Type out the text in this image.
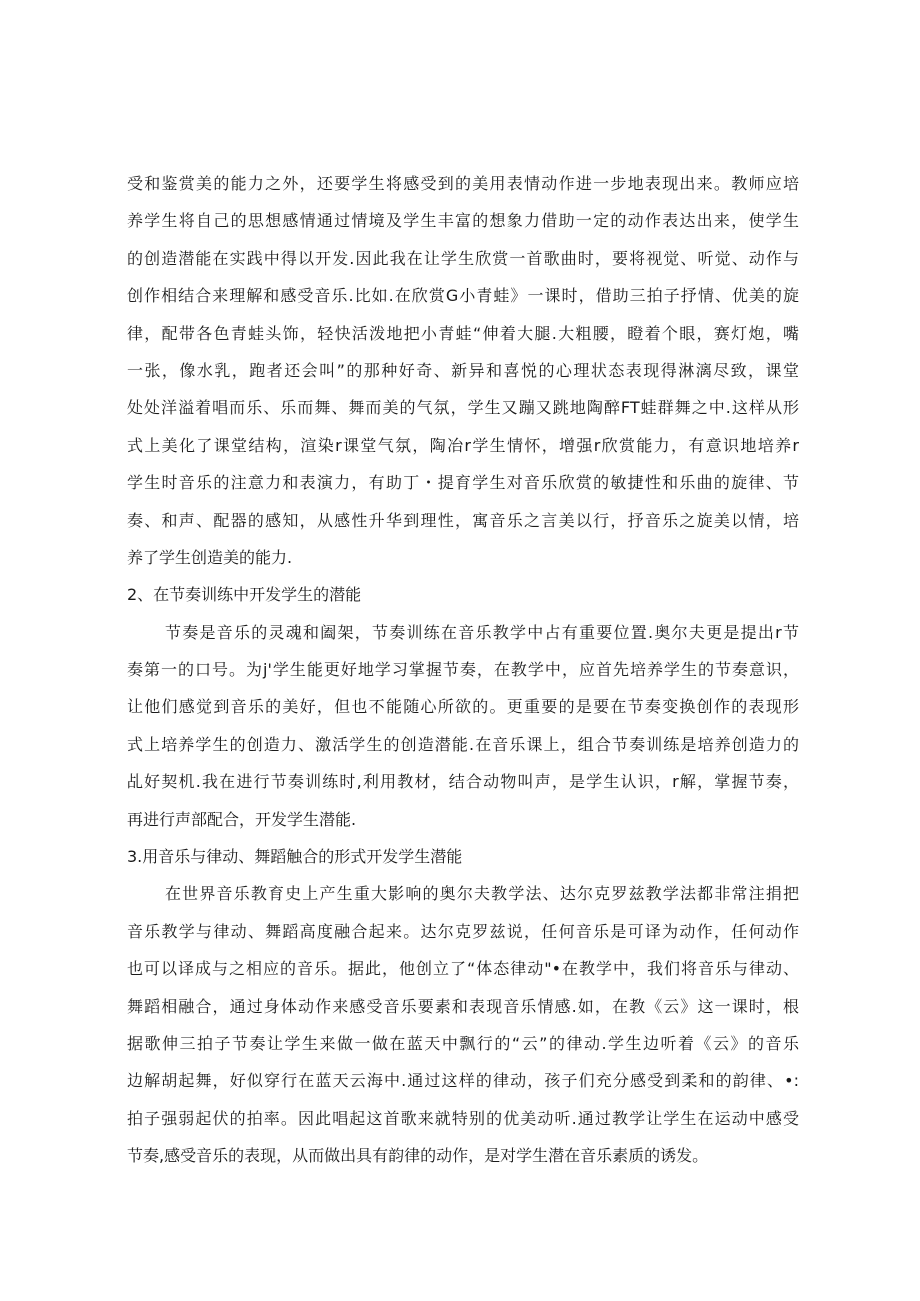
受和鉴赏美的能力之外，还要学生将感受到的美用表情动作进一步地表现出来。教师应培
养学生将自己的思想感情通过情境及学生丰富的想象力借助一定的动作表达出来，使学生
的创造潜能在实践中得以开发.因此我在让学生欣赏一首歌曲时，要将视觉、听觉、动作与
创作相结合来理解和感受音乐.比如.在欣赏G小青蛙》一课时，借助三拍子抒情、优美的旋
律，配带各色青蛙头饰，轻快活泼地把小青蛙“伸着大腿.大粗腰，瞪着个眼，赛灯炮，嘴
一张，像水乳，跑者还会叫”的那种好奇、新异和喜悦的心理状态表现得淋漓尽致，课堂
处处洋溢着唱而乐、乐而舞、舞而美的气氛，学生又蹦又跳地陶醉FT蛙群舞之中.这样从形
式上美化了课堂结构，渲染r课堂气氛，陶冶r学生情怀，增强r欣赏能力，有意识地培养r
学生时音乐的注意力和表演力，有助丁・提育学生对音乐欣赏的敏捷性和乐曲的旋律、节
奏、和声、配器的感知，从感性升华到理性，寓音乐之言美以行，抒音乐之旋美以情，培
养了学生创造美的能力.
2、在节奏训练中开发学生的潜能
节奏是音乐的灵魂和阖架，节奏训练在音乐教学中占有重要位置.奥尔夫更是提出r节
奏第一的口号。为j'学生能更好地学习掌握节奏，在教学中，应首先培养学生的节奏意识，
让他们感觉到音乐的美好，但也不能随心所欲的。更重要的是要在节奏变换创作的表现形
式上培养学生的创造力、激活学生的创造潜能.在音乐课上，组合节奏训练是培养创造力的
乩好契机.我在进行节奏训练时,利用教材，结合动物叫声，是学生认识，r解，掌握节奏，
再进行声部配合，开发学生潜能.
3.用音乐与律动、舞蹈触合的形式开发学生潜能
在世界音乐教育史上产生重大影响的奥尔夫教学法、达尔克罗兹教学法都非常注捐把
音乐教学与律动、舞蹈高度融合起来。达尔克罗兹说，任何音乐是可译为动作，任何动作
也可以译成与之相应的音乐。据此，他创立了“体态律动"•在教学中，我们将音乐与律动、
舞蹈相融合，通过身体动作来感受音乐要素和表现音乐情感.如，在教《云》这一课时，根
据歌伸三拍子节奏让学生来做一做在蓝天中飘行的“云”的律动.学生边听着《云》的音乐
边解胡起舞，好似穿行在蓝天云海中.通过这样的律动，孩子们充分感受到柔和的韵律、•:
拍子强弱起伏的拍率。因此唱起这首歌来就特别的优美动听.通过教学让学生在运动中感受
节奏,感受音乐的表现，从而做出具有韵律的动作，是对学生潜在音乐素质的诱发。
